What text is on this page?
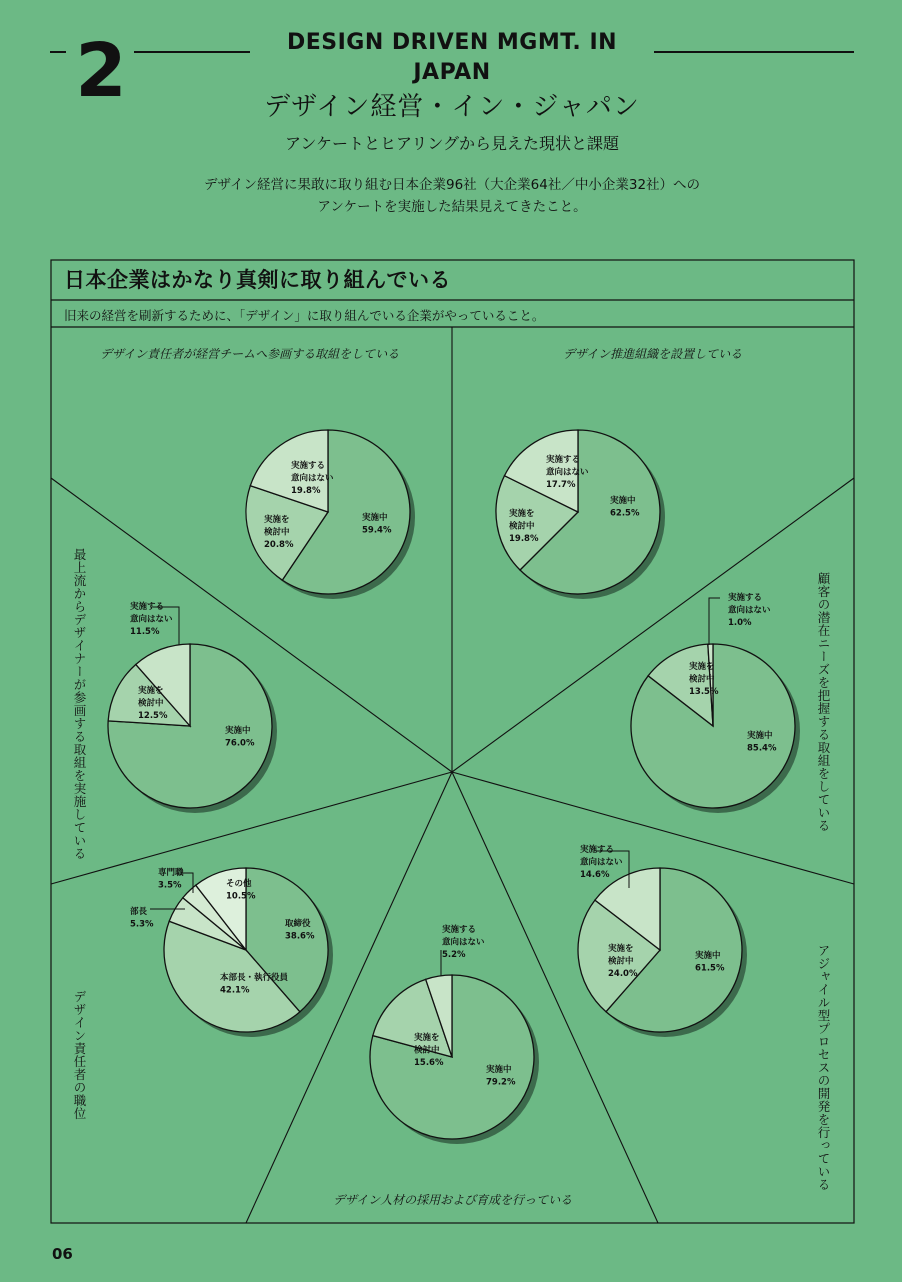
2	DESIGN DRIVEN MGMT. IN JAPAN
デザイン経営・イン・ジャパン
アンケートとヒアリングから見えた現状と課題
デザイン経営に果敢に取り組む日本企業96社（大企業64社／中小企業32社）への
アンケートを実施した結果見えてきたこと。
実施中 59.4%
実施を検討中 20.8%
実施する意向はない 19.8%
実施中 62.5%
実施を検討中 19.8%
実施する意向はない 17.7%
実施する意向はない 1.0%
実施中 85.4%
実施を検討中 13.5%
実施する意向はない 14.6%
実施中 61.5%
実施を検討中 24.0%
実施する意向はない 5.2%
実施中 79.2%
実施を検討中 15.6%
部長 5.3%
専門職 3.5%
取締役 38.6%
本部長・執行役員 42.1%
その他 10.5%
実施する意向はない 11.5%
実施中 76.0%
実施を検討中 12.5%
日本企業はかなり真剣に取り組んでいる
旧来の経営を刷新するために、「デザイン」に取り組んでいる企業がやっていること。
デザイン責任者が経営チームへ参画する取組をしている	デザイン推進組織を設置している
顧客の潜在ニーズを把握する取組をしている
アジャイル型プロセスの開発を行っている
デザイン人材の採用および育成を行っている
デザイン責任者の職位
最上流からデザイナーが参画する取組を実施している
06
